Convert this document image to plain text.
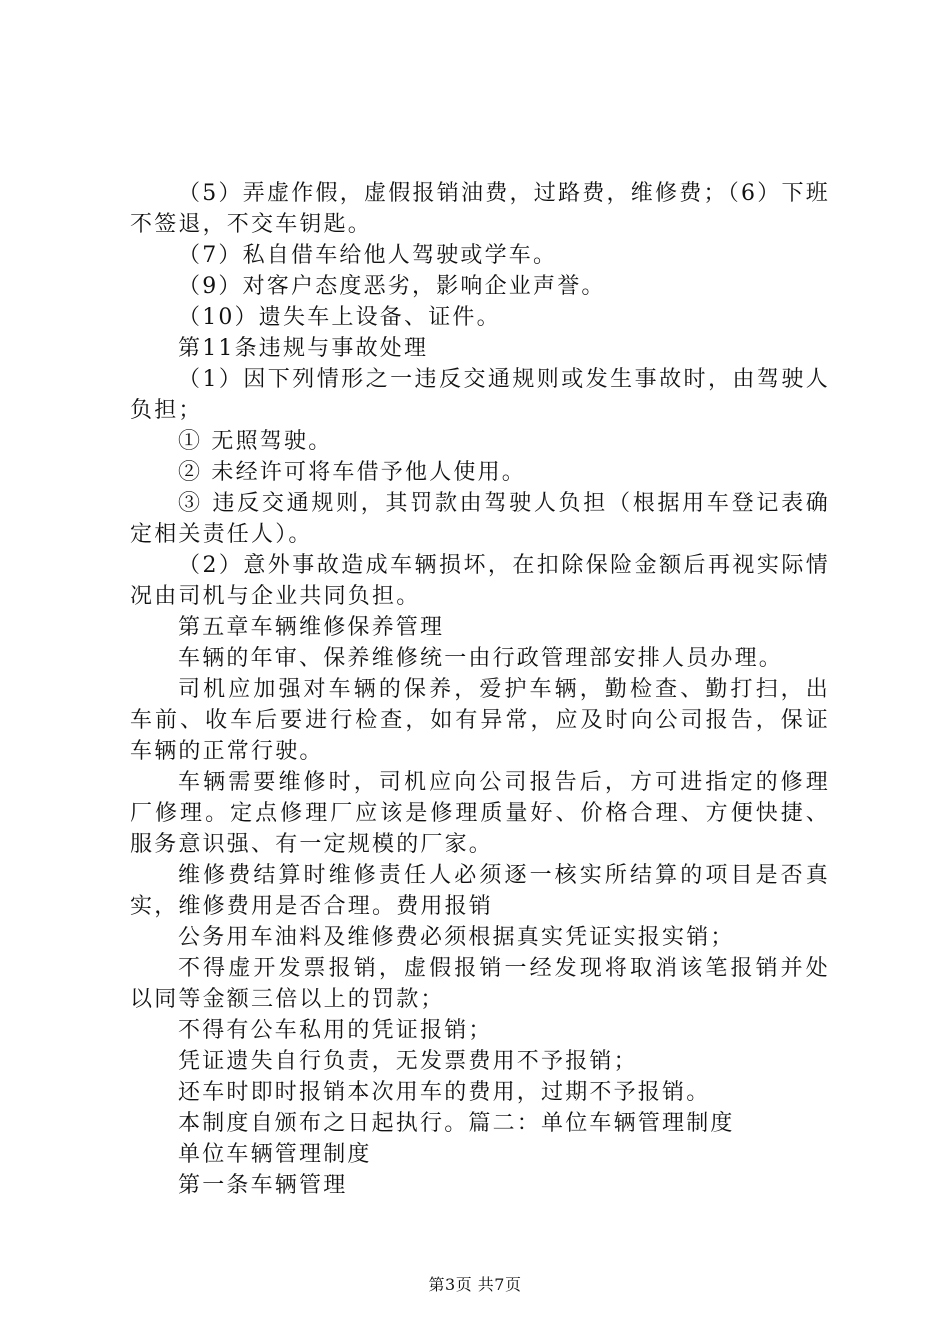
（5）弄虚作假，虚假报销油费，过路费，维修费；（6）下班不签退，不交车钥匙。

（7）私自借车给他人驾驶或学车。

（9）对客户态度恶劣，影响企业声誉。

（10）遗失车上设备、证件。

第11条违规与事故处理

（1）因下列情形之一违反交通规则或发生事故时，由驾驶人负担；

① 无照驾驶。

② 未经许可将车借予他人使用。

③ 违反交通规则，其罚款由驾驶人负担（根据用车登记表确定相关责任人）。

（2）意外事故造成车辆损坏，在扣除保险金额后再视实际情况由司机与企业共同负担。

第五章车辆维修保养管理

车辆的年审、保养维修统一由行政管理部安排人员办理。

司机应加强对车辆的保养，爱护车辆，勤检查、勤打扫，出车前、收车后要进行检查，如有异常，应及时向公司报告，保证车辆的正常行驶。

车辆需要维修时，司机应向公司报告后，方可进指定的修理厂修理。定点修理厂应该是修理质量好、价格合理、方便快捷、服务意识强、有一定规模的厂家。

维修费结算时维修责任人必须逐一核实所结算的项目是否真实，维修费用是否合理。费用报销

公务用车油料及维修费必须根据真实凭证实报实销；

不得虚开发票报销，虚假报销一经发现将取消该笔报销并处以同等金额三倍以上的罚款；

不得有公车私用的凭证报销；

凭证遗失自行负责，无发票费用不予报销；

还车时即时报销本次用车的费用，过期不予报销。

本制度自颁布之日起执行。篇二：单位车辆管理制度

单位车辆管理制度

第一条车辆管理

第3页 共7页
